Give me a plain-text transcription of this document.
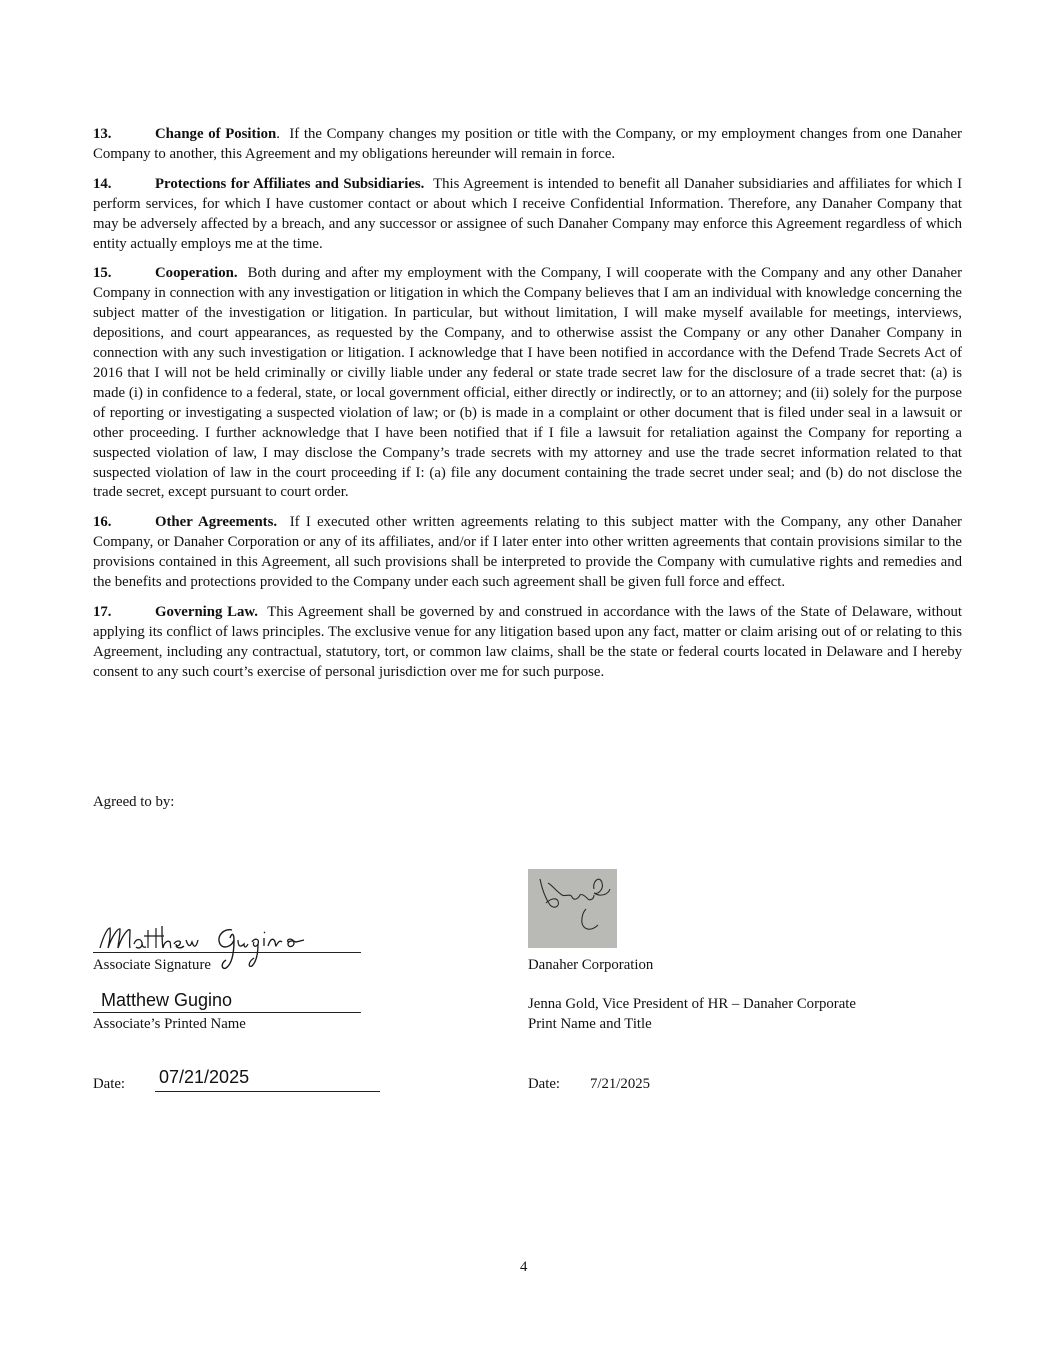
13.	Change of Position. If the Company changes my position or title with the Company, or my employment changes from one Danaher Company to another, this Agreement and my obligations hereunder will remain in force.

14.	Protections for Affiliates and Subsidiaries. This Agreement is intended to benefit all Danaher subsidiaries and affiliates for which I perform services, for which I have customer contact or about which I receive Confidential Information. Therefore, any Danaher Company that may be adversely affected by a breach, and any successor or assignee of such Danaher Company may enforce this Agreement regardless of which entity actually employs me at the time.

15.	Cooperation. Both during and after my employment with the Company, I will cooperate with the Company and any other Danaher Company in connection with any investigation or litigation in which the Company believes that I am an individual with knowledge concerning the subject matter of the investigation or litigation. In particular, but without limitation, I will make myself available for meetings, interviews, depositions, and court appearances, as requested by the Company, and to otherwise assist the Company or any other Danaher Company in connection with any such investigation or litigation. I acknowledge that I have been notified in accordance with the Defend Trade Secrets Act of 2016 that I will not be held criminally or civilly liable under any federal or state trade secret law for the disclosure of a trade secret that: (a) is made (i) in confidence to a federal, state, or local government official, either directly or indirectly, or to an attorney; and (ii) solely for the purpose of reporting or investigating a suspected violation of law; or (b) is made in a complaint or other document that is filed under seal in a lawsuit or other proceeding. I further acknowledge that I have been notified that if I file a lawsuit for retaliation against the Company for reporting a suspected violation of law, I may disclose the Company’s trade secrets with my attorney and use the trade secret information related to that suspected violation of law in the court proceeding if I: (a) file any document containing the trade secret under seal; and (b) do not disclose the trade secret, except pursuant to court order.

16.	Other Agreements. If I executed other written agreements relating to this subject matter with the Company, any other Danaher Company, or Danaher Corporation or any of its affiliates, and/or if I later enter into other written agreements that contain provisions similar to the provisions contained in this Agreement, all such provisions shall be interpreted to provide the Company with cumulative rights and remedies and the benefits and protections provided to the Company under each such agreement shall be given full force and effect.

17.	Governing Law. This Agreement shall be governed by and construed in accordance with the laws of the State of Delaware, without applying its conflict of laws principles. The exclusive venue for any litigation based upon any fact, matter or claim arising out of or relating to this Agreement, including any contractual, statutory, tort, or common law claims, shall be the state or federal courts located in Delaware and I hereby consent to any such court’s exercise of personal jurisdiction over me for such purpose.

Agreed to by:
Associate Signature
Matthew Gugino
Associate’s Printed Name
Date: 07/21/2025
Danaher Corporation
Jenna Gold, Vice President of HR – Danaher Corporate
Print Name and Title
Date: 7/21/2025
4
